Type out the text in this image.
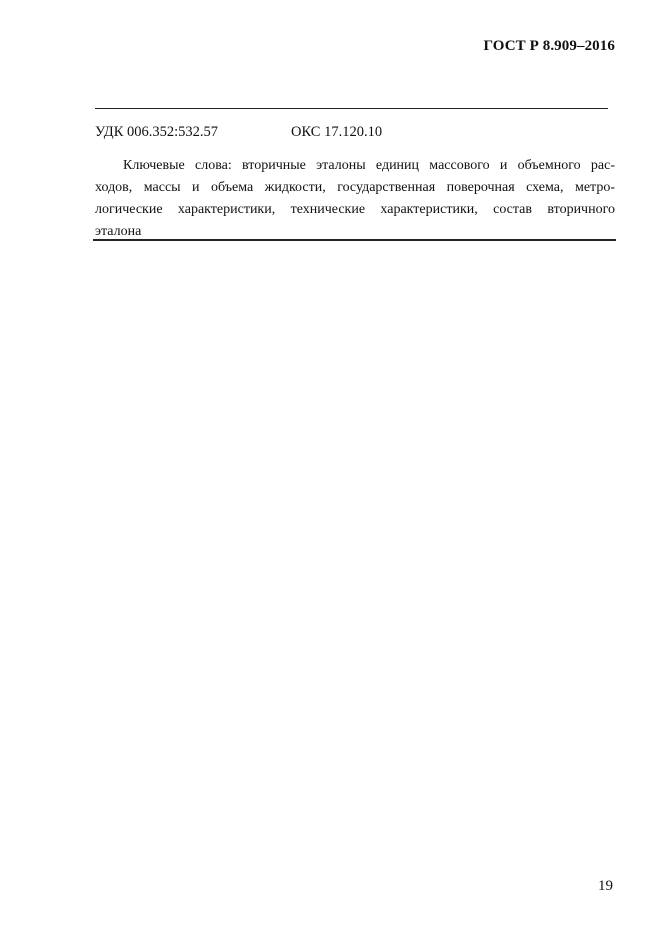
ГОСТ Р 8.909–2016
УДК 006.352:532.57	ОКС 17.120.10
Ключевые слова: вторичные эталоны единиц массового и объемного рас-
ходов, массы и объема жидкости, государственная поверочная схема, метро-
логические характеристики, технические характеристики, состав вторичного
эталона
19
